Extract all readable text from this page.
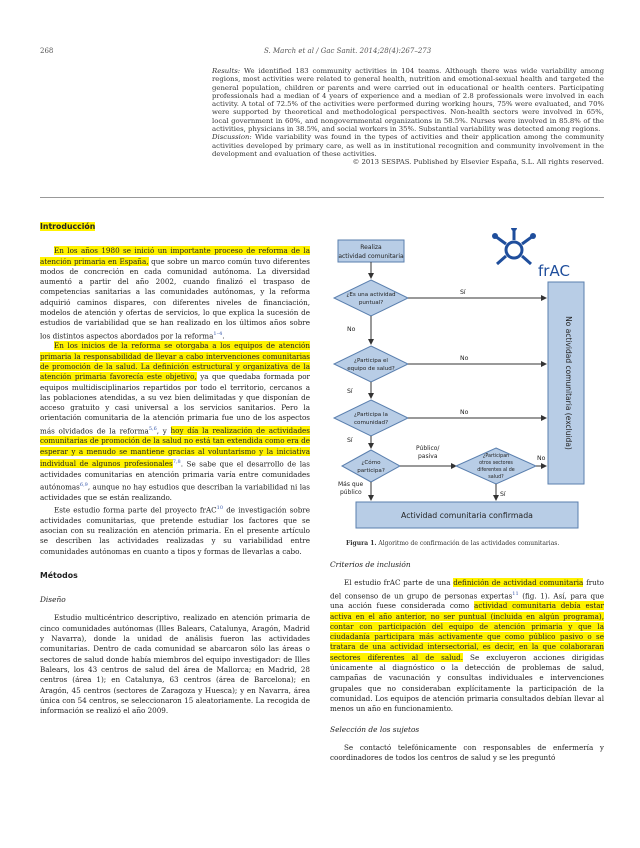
268	S. March et al / Gac Sanit. 2014;28(4):267–273

Results: We identified 183 community activities in 104 teams. Although there was wide variability among regions, most activities were related to general health, nutrition and emotional-sexual health and targeted the general population, children or parents and were carried out in educational or health centers. Participating professionals had a median of 4 years of experience and a median of 2.8 professionals were involved in each activity. A total of 72.5% of the activities were performed during working hours, 75% were evaluated, and 70% were supported by theoretical and methodological perspectives. Non-health sectors were involved in 65%, local government in 60%, and nongovernmental organizations in 58.5%. Nurses were involved in 85.8% of the activities, physicians in 38.5%, and social workers in 35%. Substantial variability was detected among regions.

Discussion: Wide variability was found in the types of activities and their application among the community activities developed by primary care, as well as in institutional recognition and community involvement in the development and evaluation of these activities.

© 2013 SESPAS. Published by Elsevier España, S.L. All rights reserved.

Introducción

En los años 1980 se inició un importante proceso de reforma de la atención primaria en España, que sobre un marco común tuvo diferentes modos de concreción en cada comunidad autónoma. La diversidad aumentó a partir del año 2002, cuando finalizó el traspaso de competencias sanitarias a las comunidades autónomas, y la reforma adquirió caminos dispares, con diferentes niveles de financiación, modelos de atención y ofertas de servicios, lo que explica la sucesión de estudios de variabilidad que se han realizado en los últimos años sobre los distintos aspectos abordados por la reforma$^{1-4}$.

En los inicios de la reforma se otorgaba a los equipos de atención primaria la responsabilidad de llevar a cabo intervenciones comunitarias de promoción de la salud. La definición estructural y organizativa de la atención primaria favorecía este objetivo, ya que quedaba formada por equipos multidisciplinarios repartidos por todo el territorio, cercanos a las poblaciones atendidas, a su vez bien delimitadas y que disponían de acceso gratuito y casi universal a los servicios sanitarios. Pero la orientación comunitaria de la atención primaria fue uno de los aspectos más olvidados de la reforma$^{5,6}$, y hoy día la realización de actividades comunitarias de promoción de la salud no está tan extendida como era de esperar y a menudo se mantiene gracias al voluntarismo y la iniciativa individual de algunos profesionales$^{7,8}$. Se sabe que el desarrollo de las actividades comunitarias en atención primaria varía entre comunidades autónomas$^{6,9}$, aunque no hay estudios que describan la variabilidad ni las actividades que se están realizando.

Este estudio forma parte del proyecto frAC$^{10}$ de investigación sobre actividades comunitarias, que pretende estudiar los factores que se asocian con su realización en atención primaria. En el presente artículo se describen las actividades realizadas y su variabilidad entre comunidades autónomas en cuanto a tipos y formas de llevarlas a cabo.

Métodos
Diseño

Estudio multicéntrico descriptivo, realizado en atención primaria de cinco comunidades autónomas (Illes Balears, Catalunya, Aragón, Madrid y Navarra), donde la unidad de análisis fueron las actividades comunitarias. Dentro de cada comunidad se abarcaron sólo las áreas o sectores de salud donde había miembros del equipo investigador: de Illes Balears, los 43 centros de salud del área de Mallorca; en Madrid, 28 centros (área 1); en Catalunya, 63 centros (área de Barcelona); en Aragón, 45 centros (sectores de Zaragoza y Huesca); y en Navarra, área única con 54 centros, se seleccionaron 15 aleatoriamente. La recogida de información se realizó el año 2009.

frAC
Realiza
actividad comunitaria
¿Es una actividad
puntual?
Sí
No
¿Participa el
equipo de salud?
No
Sí
¿Participa la
comunidad?
No
Sí
¿Cómo
participa?
Público/
pasiva
Más que
público
¿Participan
otros sectores
diferentes al de
salud?
No
Sí
No actividad comunitaria (excluida)
Actividad comunitaria confirmada
Figura 1. Algoritmo de confirmación de las actividades comunitarias.
Criterios de inclusión

El estudio frAC parte de una definición de actividad comunitaria fruto del consenso de un grupo de personas expertas$^{11}$ (fig. 1). Así, para que una acción fuese considerada como actividad comunitaria debía estar activa en el año anterior, no ser puntual (incluida en algún programa), contar con participación del equipo de atención primaria y que la ciudadanía participara más activamente que como público pasivo o se tratara de una actividad intersectorial, es decir, en la que colaboraran sectores diferentes al de salud. Se excluyeron acciones dirigidas únicamente al diagnóstico o la detección de problemas de salud, campañas de vacunación y consultas individuales e intervenciones grupales que no consideraban explícitamente la participación de la comunidad. Los equipos de atención primaria consultados debían llevar al menos un año en funcionamiento.

Selección de los sujetos

Se contactó telefónicamente con responsables de enfermería y coordinadores de todos los centros de salud y se les preguntó
